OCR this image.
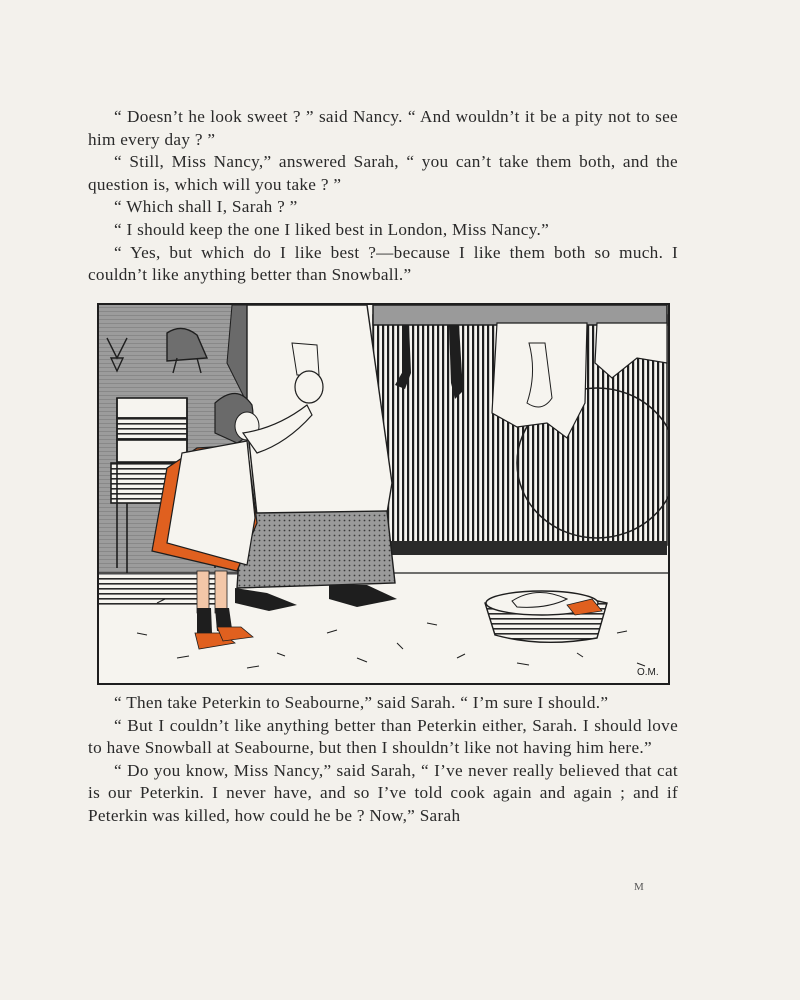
“ Doesn’t he look sweet ? ” said Nancy. “ And wouldn’t it be a pity not to see him every day ? ”

“ Still, Miss Nancy,” answered Sarah, “ you can’t take them both, and the question is, which will you take ? ”

“ Which shall I, Sarah ? ”

“ I should keep the one I liked best in London, Miss Nancy.”

“ Yes, but which do I like best ?—because I like them both so much. I couldn’t like anything better than Snowball.”

O.M.

“ Then take Peterkin to Seabourne,” said Sarah. “ I’m sure I should.”

“ But I couldn’t like anything better than Peterkin either, Sarah. I should love to have Snowball at Seabourne, but then I shouldn’t like not having him here.”

“ Do you know, Miss Nancy,” said Sarah, “ I’ve never really believed that cat is our Peterkin. I never have, and so I’ve told cook again and again ; and if Peterkin was killed, how could he be ? Now,” Sarah

M
